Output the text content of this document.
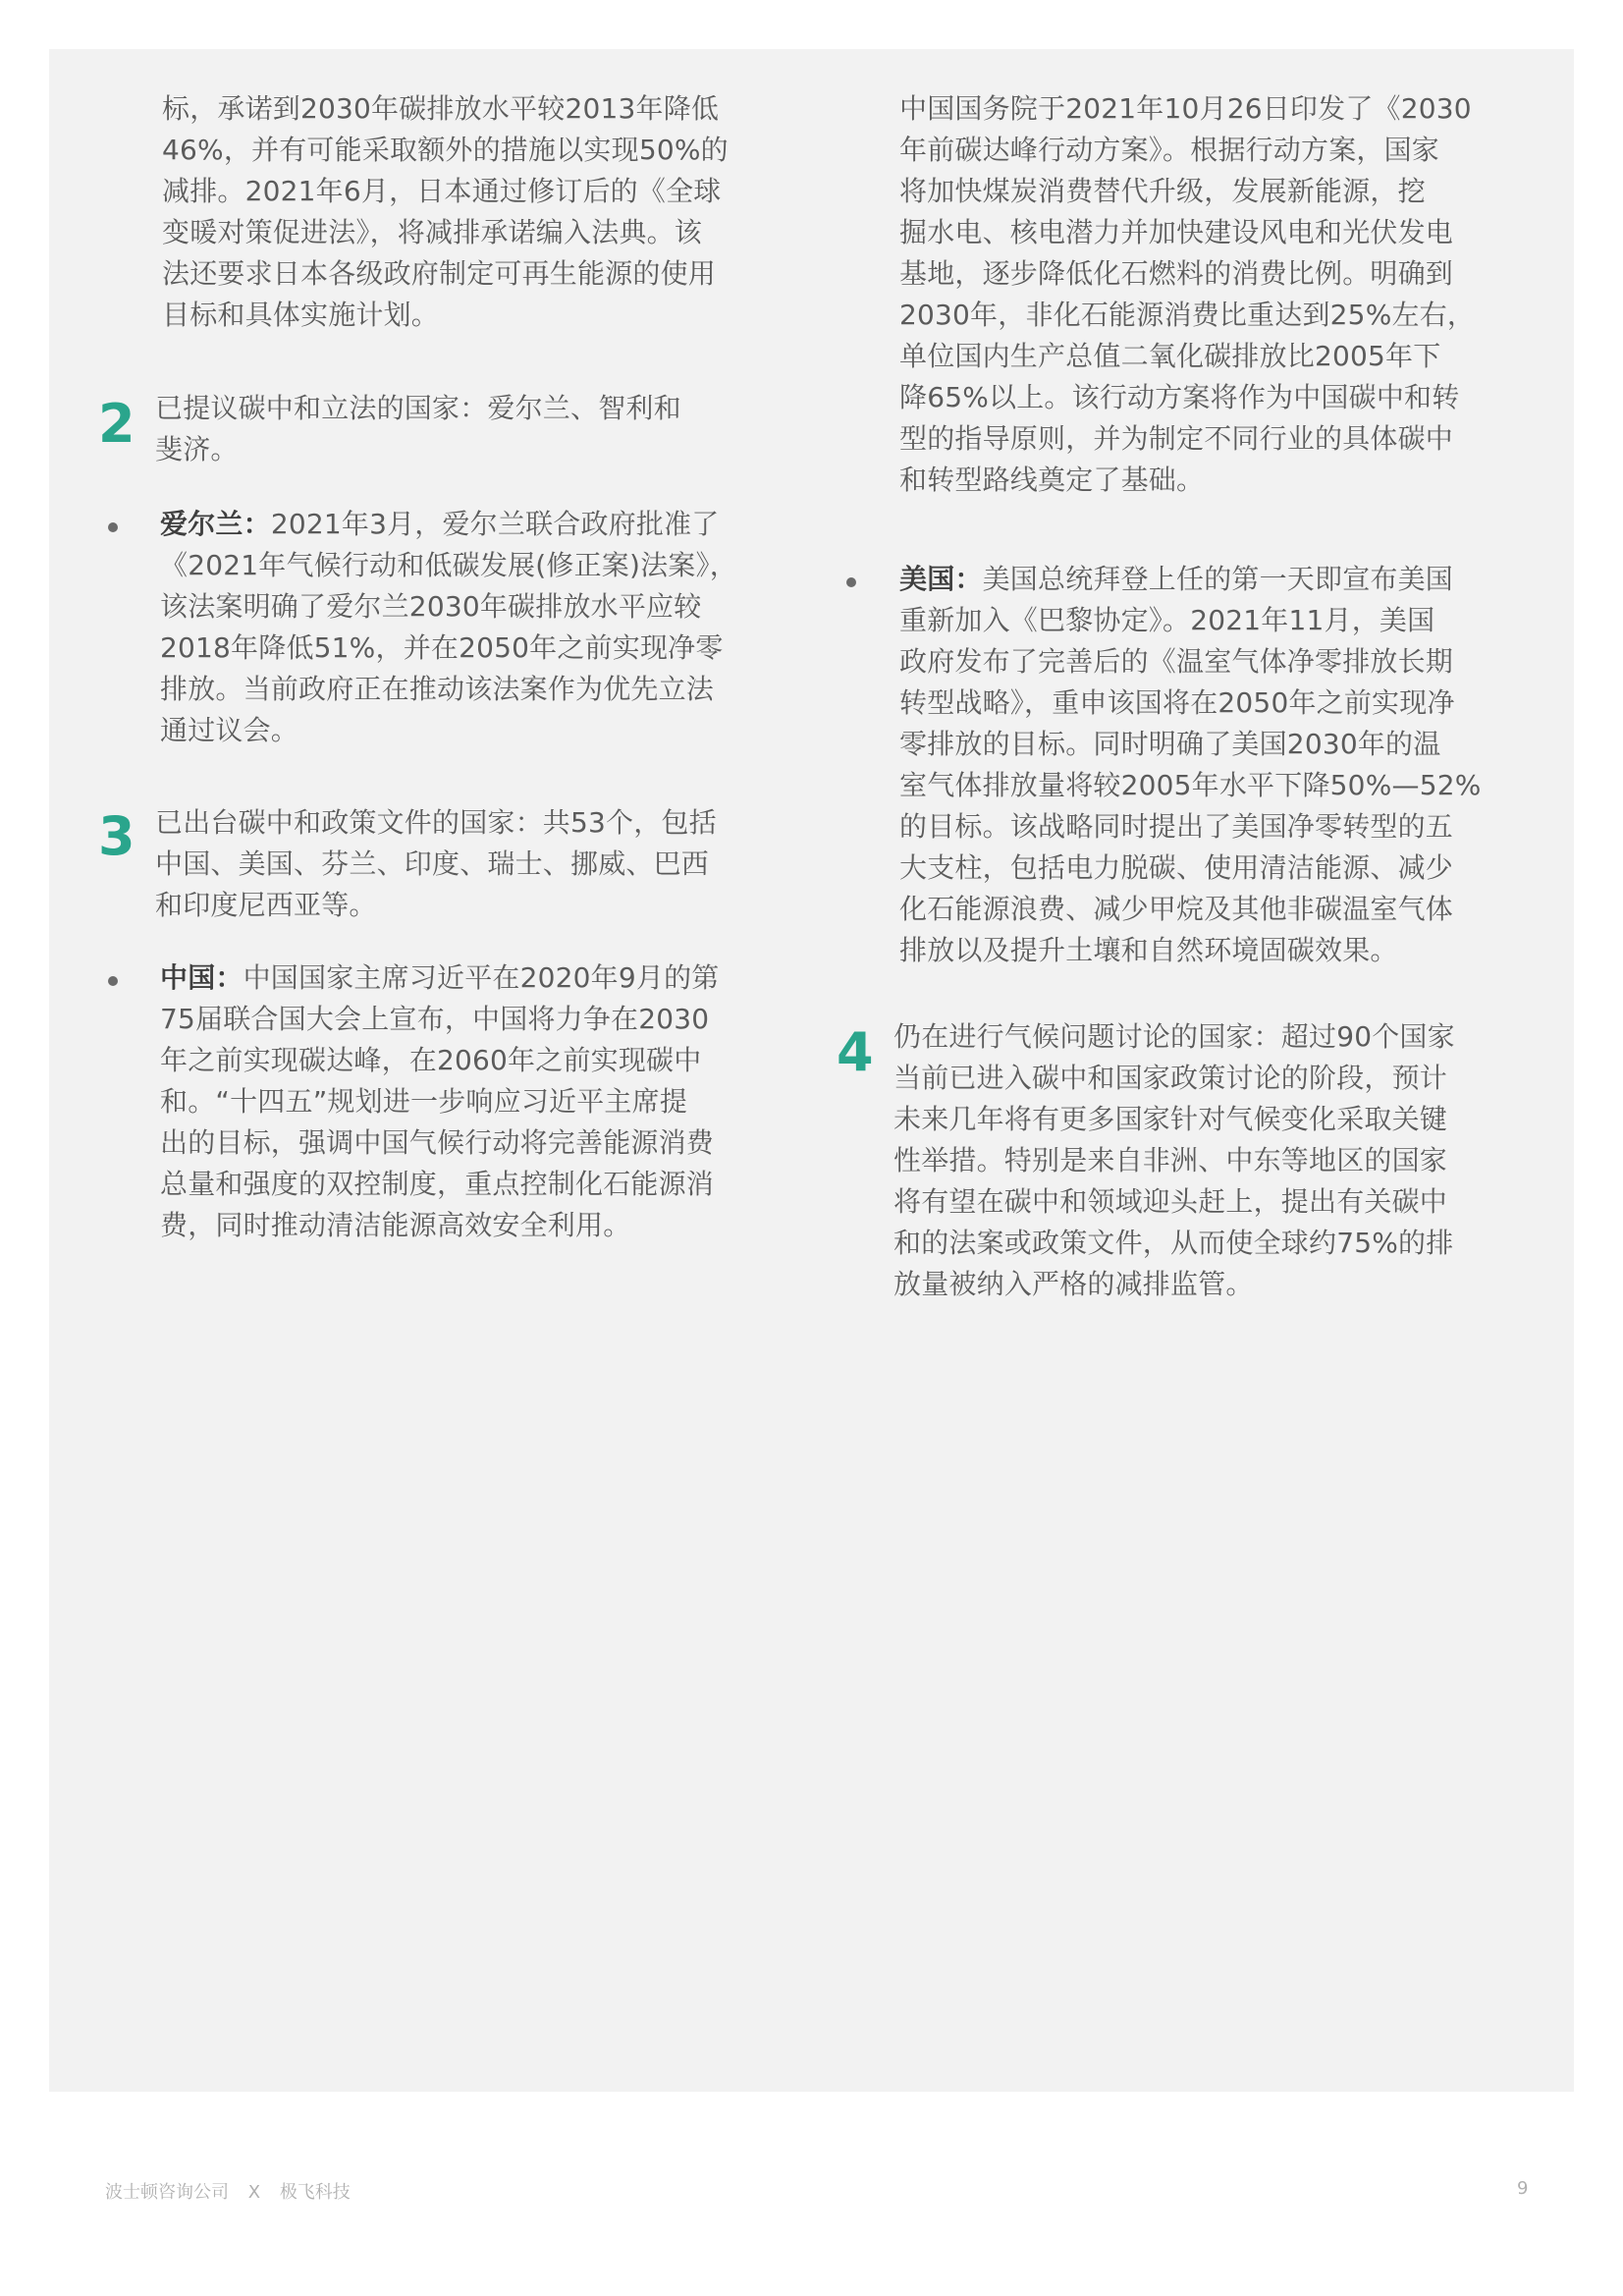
标，承诺到2030年碳排放水平较2013年降低
46%，并有可能采取额外的措施以实现50%的
减排。2021年6月，日本通过修订后的《全球
变暖对策促进法》，将减排承诺编入法典。该
法还要求日本各级政府制定可再生能源的使用
目标和具体实施计划。
2 已提议碳中和立法的国家：爱尔兰、智利和
斐济。
爱尔兰：2021年3月，爱尔兰联合政府批准了
《2021年气候行动和低碳发展(修正案)法案》，
该法案明确了爱尔兰2030年碳排放水平应较
2018年降低51%，并在2050年之前实现净零
排放。当前政府正在推动该法案作为优先立法
通过议会。
3 已出台碳中和政策文件的国家：共53个，包括
中国、美国、芬兰、印度、瑞士、挪威、巴西
和印度尼西亚等。
中国：中国国家主席习近平在2020年9月的第
75届联合国大会上宣布，中国将力争在2030
年之前实现碳达峰，在2060年之前实现碳中
和。“十四五”规划进一步响应习近平主席提
出的目标，强调中国气候行动将完善能源消费
总量和强度的双控制度，重点控制化石能源消
费，同时推动清洁能源高效安全利用。
中国国务院于2021年10月26日印发了《2030
年前碳达峰行动方案》。根据行动方案，国家
将加快煤炭消费替代升级，发展新能源，挖
掘水电、核电潜力并加快建设风电和光伏发电
基地，逐步降低化石燃料的消费比例。明确到
2030年，非化石能源消费比重达到25%左右，
单位国内生产总值二氧化碳排放比2005年下
降65%以上。该行动方案将作为中国碳中和转
型的指导原则，并为制定不同行业的具体碳中
和转型路线奠定了基础。
美国：美国总统拜登上任的第一天即宣布美国
重新加入《巴黎协定》。2021年11月，美国
政府发布了完善后的《温室气体净零排放长期
转型战略》，重申该国将在2050年之前实现净
零排放的目标。同时明确了美国2030年的温
室气体排放量将较2005年水平下降50%—52%
的目标。该战略同时提出了美国净零转型的五
大支柱，包括电力脱碳、使用清洁能源、减少
化石能源浪费、减少甲烷及其他非碳温室气体
排放以及提升土壤和自然环境固碳效果。
4 仍在进行气候问题讨论的国家：超过90个国家
当前已进入碳中和国家政策讨论的阶段，预计
未来几年将有更多国家针对气候变化采取关键
性举措。特别是来自非洲、中东等地区的国家
将有望在碳中和领域迎头赶上，提出有关碳中
和的法案或政策文件，从而使全球约75%的排
放量被纳入严格的减排监管。
波士顿咨询公司 X 极飞科技	9
